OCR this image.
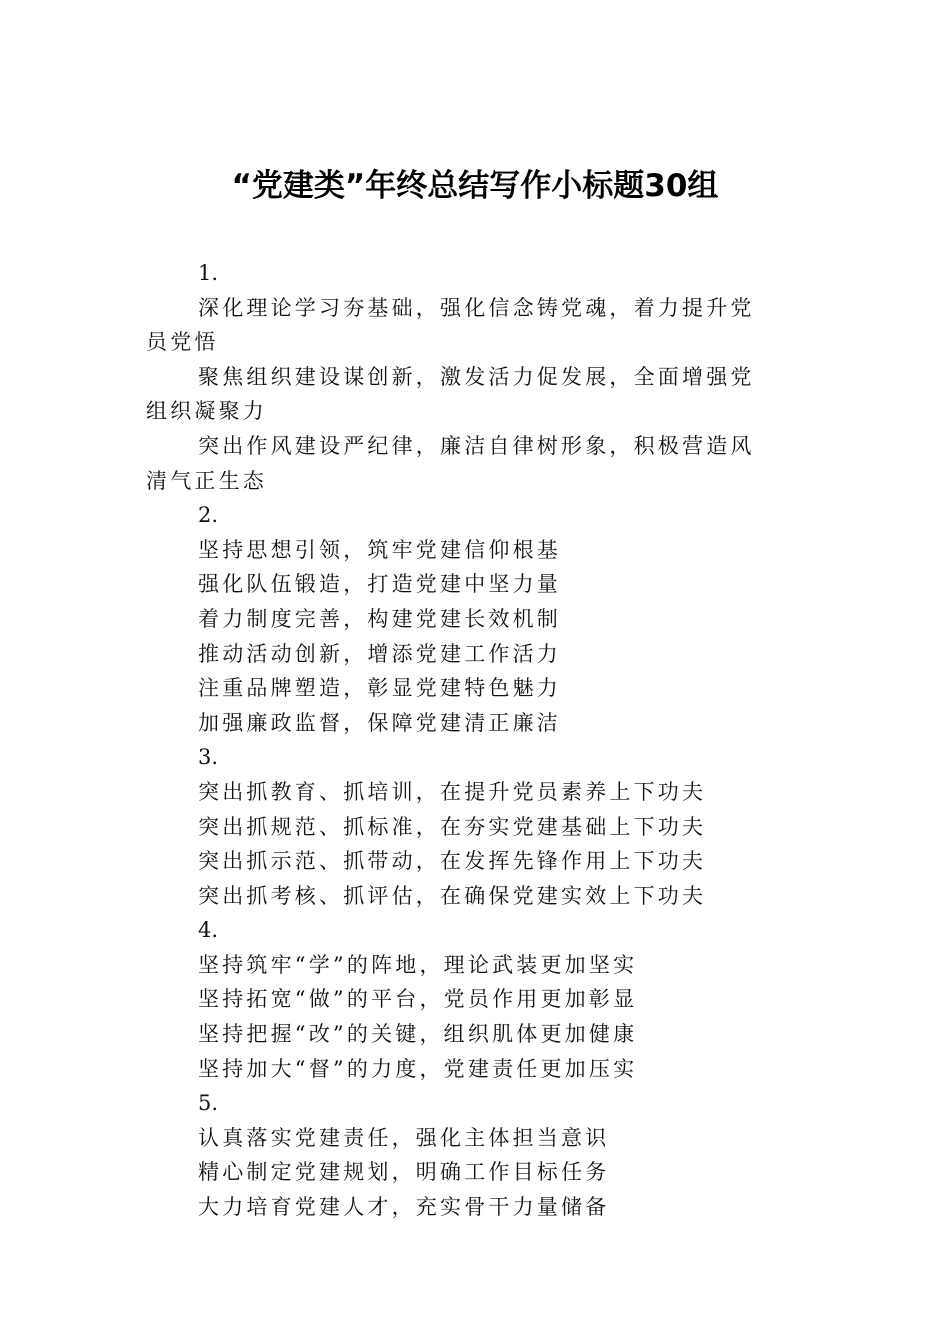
“党建类”年终总结写作小标题30组

1.

深化理论学习夯基础，强化信念铸党魂，着力提升党

员党悟

聚焦组织建设谋创新，激发活力促发展，全面增强党

组织凝聚力

突出作风建设严纪律，廉洁自律树形象，积极营造风

清气正生态

2.

坚持思想引领，筑牢党建信仰根基

强化队伍锻造，打造党建中坚力量

着力制度完善，构建党建长效机制

推动活动创新，增添党建工作活力

注重品牌塑造，彰显党建特色魅力

加强廉政监督，保障党建清正廉洁

3.

突出抓教育、抓培训，在提升党员素养上下功夫

突出抓规范、抓标准，在夯实党建基础上下功夫

突出抓示范、抓带动，在发挥先锋作用上下功夫

突出抓考核、抓评估，在确保党建实效上下功夫

4.

坚持筑牢“学”的阵地，理论武装更加坚实

坚持拓宽“做”的平台，党员作用更加彰显

坚持把握“改”的关键，组织肌体更加健康

坚持加大“督”的力度，党建责任更加压实

5.

认真落实党建责任，强化主体担当意识

精心制定党建规划，明确工作目标任务

大力培育党建人才，充实骨干力量储备
